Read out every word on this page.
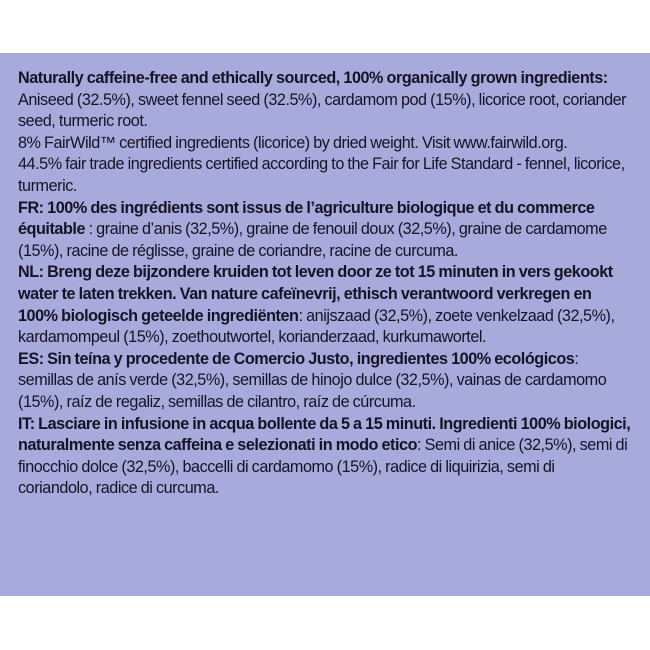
Naturally caffeine-free and ethically sourced, 100% organically grown ingredients:

Aniseed (32.5%), sweet fennel seed (32.5%), cardamom pod (15%), licorice root, coriander seed, turmeric root.

8% FairWild™ certified ingredients (licorice) by dried weight. Visit www.fairwild.org.

44.5% fair trade ingredients certified according to the Fair for Life Standard - fennel, licorice, turmeric.

FR: 100% des ingrédients sont issus de l’agriculture biologique et du commerce équitable : graine d’anis (32,5%), graine de fenouil doux (32,5%), graine de cardamome (15%), racine de réglisse, graine de coriandre, racine de curcuma.

NL: Breng deze bijzondere kruiden tot leven door ze tot 15 minuten in vers gekookt water te laten trekken. Van nature cafeïnevrij, ethisch verantwoord verkregen en 100% biologisch geteelde ingrediënten: anijszaad (32,5%), zoete venkelzaad (32,5%), kardamompeul (15%), zoethoutwortel, korianderzaad, kurkumawortel.

ES: Sin teína y procedente de Comercio Justo, ingredientes 100% ecológicos: semillas de anís verde (32,5%), semillas de hinojo dulce (32,5%), vainas de cardamomo (15%), raíz de regaliz, semillas de cilantro, raíz de cúrcuma.

IT: Lasciare in infusione in acqua bollente da 5 a 15 minuti. Ingredienti 100% biologici, naturalmente senza caffeina e selezionati in modo etico: Semi di anice (32,5%), semi di finocchio dolce (32,5%), baccelli di cardamomo (15%), radice di liquirizia, semi di coriandolo, radice di curcuma.
